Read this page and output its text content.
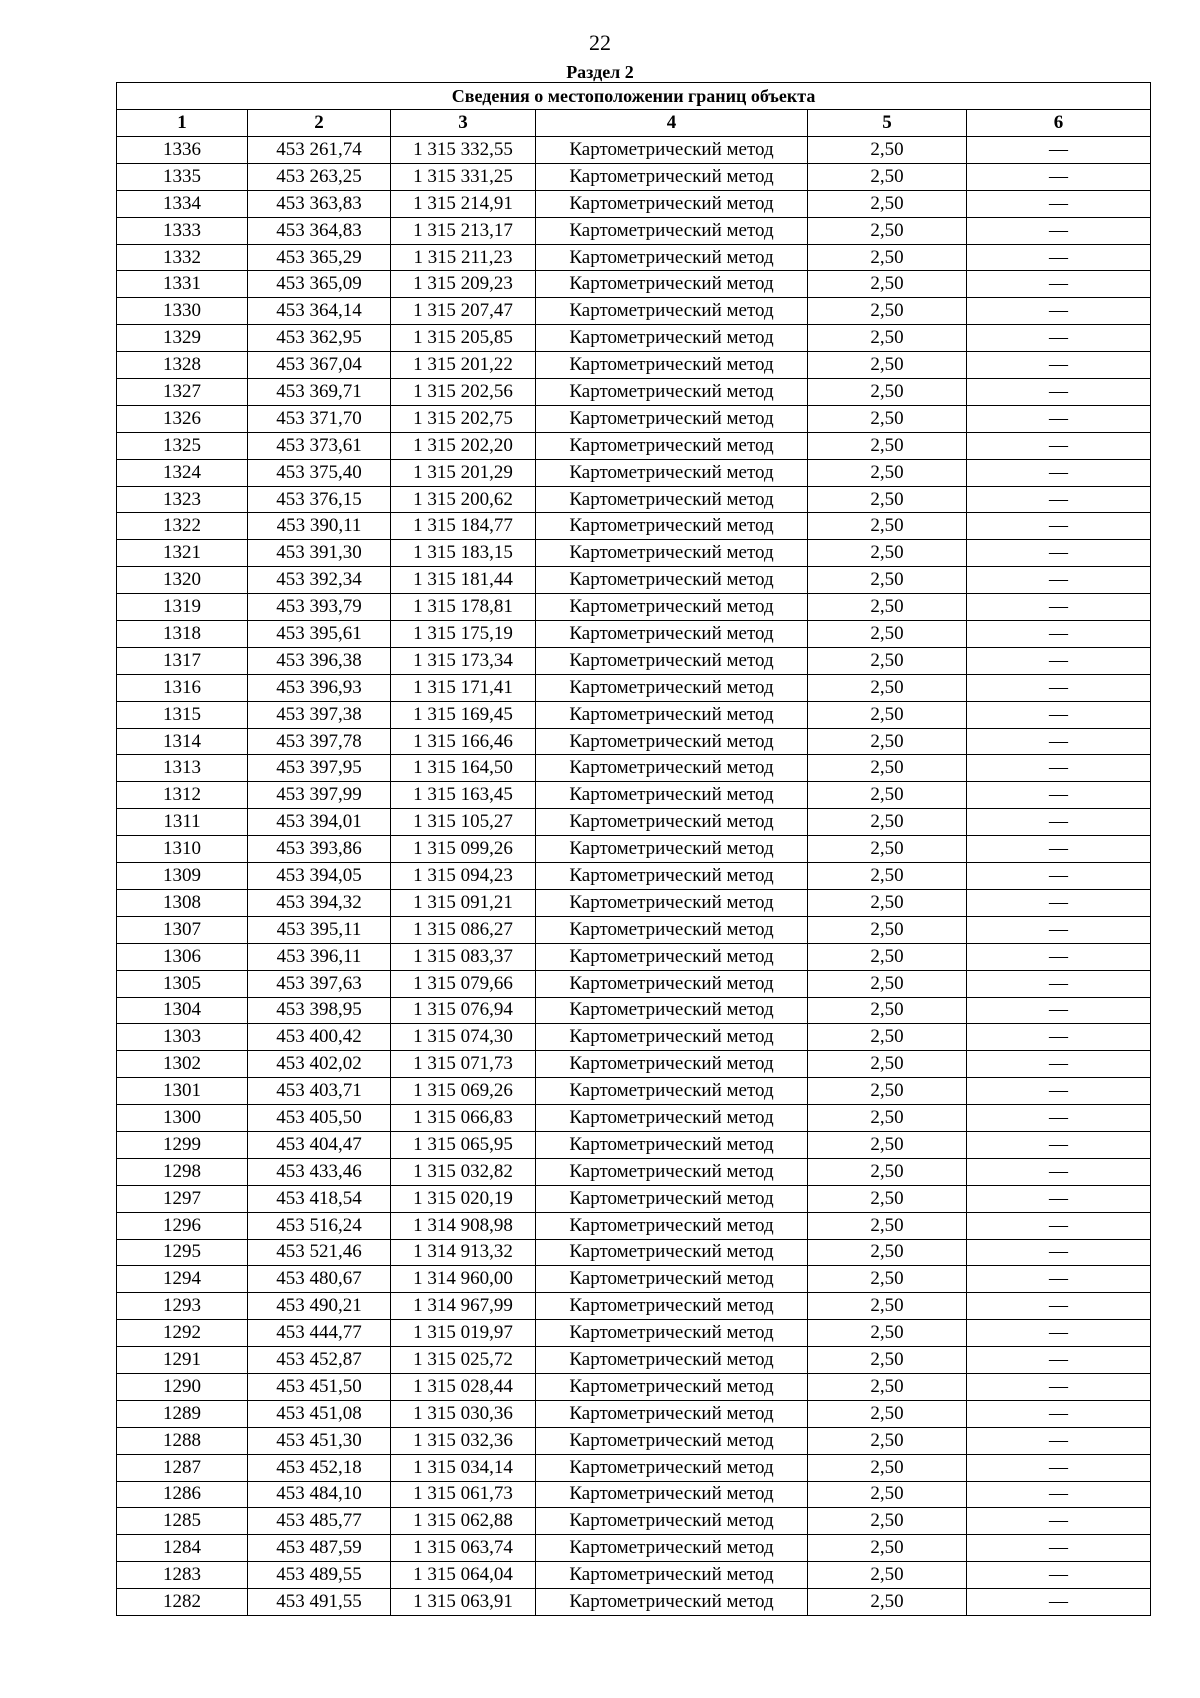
22
Раздел 2
Сведения о местоположении границ объекта					
1	2	3	4	5	6
1336	453 261,74	1 315 332,55	Картометрический метод	2,50	—
1335	453 263,25	1 315 331,25	Картометрический метод	2,50	—
1334	453 363,83	1 315 214,91	Картометрический метод	2,50	—
1333	453 364,83	1 315 213,17	Картометрический метод	2,50	—
1332	453 365,29	1 315 211,23	Картометрический метод	2,50	—
1331	453 365,09	1 315 209,23	Картометрический метод	2,50	—
1330	453 364,14	1 315 207,47	Картометрический метод	2,50	—
1329	453 362,95	1 315 205,85	Картометрический метод	2,50	—
1328	453 367,04	1 315 201,22	Картометрический метод	2,50	—
1327	453 369,71	1 315 202,56	Картометрический метод	2,50	—
1326	453 371,70	1 315 202,75	Картометрический метод	2,50	—
1325	453 373,61	1 315 202,20	Картометрический метод	2,50	—
1324	453 375,40	1 315 201,29	Картометрический метод	2,50	—
1323	453 376,15	1 315 200,62	Картометрический метод	2,50	—
1322	453 390,11	1 315 184,77	Картометрический метод	2,50	—
1321	453 391,30	1 315 183,15	Картометрический метод	2,50	—
1320	453 392,34	1 315 181,44	Картометрический метод	2,50	—
1319	453 393,79	1 315 178,81	Картометрический метод	2,50	—
1318	453 395,61	1 315 175,19	Картометрический метод	2,50	—
1317	453 396,38	1 315 173,34	Картометрический метод	2,50	—
1316	453 396,93	1 315 171,41	Картометрический метод	2,50	—
1315	453 397,38	1 315 169,45	Картометрический метод	2,50	—
1314	453 397,78	1 315 166,46	Картометрический метод	2,50	—
1313	453 397,95	1 315 164,50	Картометрический метод	2,50	—
1312	453 397,99	1 315 163,45	Картометрический метод	2,50	—
1311	453 394,01	1 315 105,27	Картометрический метод	2,50	—
1310	453 393,86	1 315 099,26	Картометрический метод	2,50	—
1309	453 394,05	1 315 094,23	Картометрический метод	2,50	—
1308	453 394,32	1 315 091,21	Картометрический метод	2,50	—
1307	453 395,11	1 315 086,27	Картометрический метод	2,50	—
1306	453 396,11	1 315 083,37	Картометрический метод	2,50	—
1305	453 397,63	1 315 079,66	Картометрический метод	2,50	—
1304	453 398,95	1 315 076,94	Картометрический метод	2,50	—
1303	453 400,42	1 315 074,30	Картометрический метод	2,50	—
1302	453 402,02	1 315 071,73	Картометрический метод	2,50	—
1301	453 403,71	1 315 069,26	Картометрический метод	2,50	—
1300	453 405,50	1 315 066,83	Картометрический метод	2,50	—
1299	453 404,47	1 315 065,95	Картометрический метод	2,50	—
1298	453 433,46	1 315 032,82	Картометрический метод	2,50	—
1297	453 418,54	1 315 020,19	Картометрический метод	2,50	—
1296	453 516,24	1 314 908,98	Картометрический метод	2,50	—
1295	453 521,46	1 314 913,32	Картометрический метод	2,50	—
1294	453 480,67	1 314 960,00	Картометрический метод	2,50	—
1293	453 490,21	1 314 967,99	Картометрический метод	2,50	—
1292	453 444,77	1 315 019,97	Картометрический метод	2,50	—
1291	453 452,87	1 315 025,72	Картометрический метод	2,50	—
1290	453 451,50	1 315 028,44	Картометрический метод	2,50	—
1289	453 451,08	1 315 030,36	Картометрический метод	2,50	—
1288	453 451,30	1 315 032,36	Картометрический метод	2,50	—
1287	453 452,18	1 315 034,14	Картометрический метод	2,50	—
1286	453 484,10	1 315 061,73	Картометрический метод	2,50	—
1285	453 485,77	1 315 062,88	Картометрический метод	2,50	—
1284	453 487,59	1 315 063,74	Картометрический метод	2,50	—
1283	453 489,55	1 315 064,04	Картометрический метод	2,50	—
1282	453 491,55	1 315 063,91	Картометрический метод	2,50	—
